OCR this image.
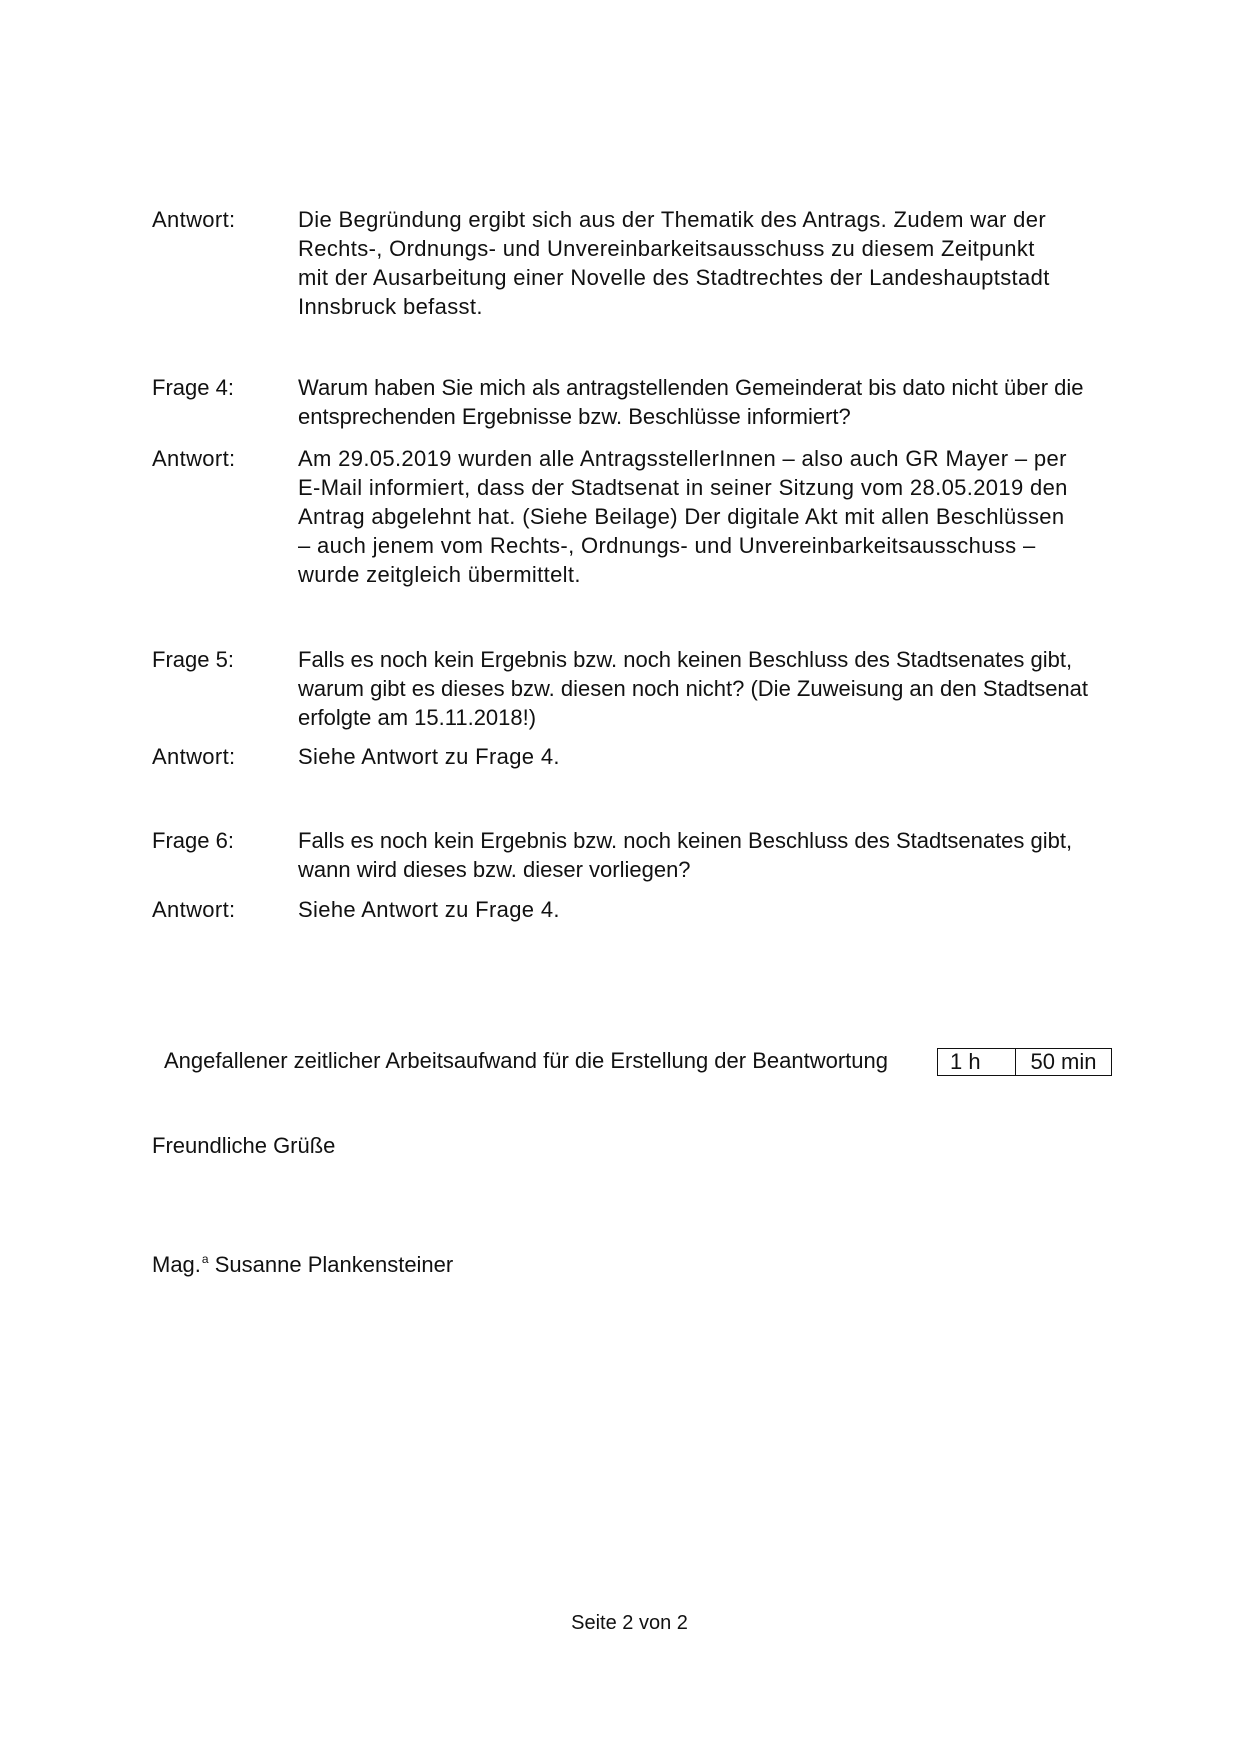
Antwort:	Die Begründung ergibt sich aus der Thematik des Antrags. Zudem war der
Rechts-, Ordnungs- und Unvereinbarkeitsausschuss zu diesem Zeitpunkt
mit der Ausarbeitung einer Novelle des Stadtrechtes der Landeshauptstadt
Innsbruck befasst.
Frage 4:	Warum haben Sie mich als antragstellenden Gemeinderat bis dato nicht über die
entsprechenden Ergebnisse bzw. Beschlüsse informiert?
Antwort:	Am 29.05.2019 wurden alle AntragsstellerInnen – also auch GR Mayer – per
E-Mail informiert, dass der Stadtsenat in seiner Sitzung vom 28.05.2019 den
Antrag abgelehnt hat. (Siehe Beilage) Der digitale Akt mit allen Beschlüssen
– auch jenem vom Rechts-, Ordnungs- und Unvereinbarkeitsausschuss –
wurde zeitgleich übermittelt.
Frage 5:	Falls es noch kein Ergebnis bzw. noch keinen Beschluss des Stadtsenates gibt,
warum gibt es dieses bzw. diesen noch nicht? (Die Zuweisung an den Stadtsenat
erfolgte am 15.11.2018!)
Antwort:	Siehe Antwort zu Frage 4.
Frage 6:	Falls es noch kein Ergebnis bzw. noch keinen Beschluss des Stadtsenates gibt,
wann wird dieses bzw. dieser vorliegen?
Antwort:	Siehe Antwort zu Frage 4.
Angefallener zeitlicher Arbeitsaufwand für die Erstellung der Beantwortung	1 h	50 min
Freundliche Grüße
Mag.$^a$ Susanne Plankensteiner
Seite 2 von 2
